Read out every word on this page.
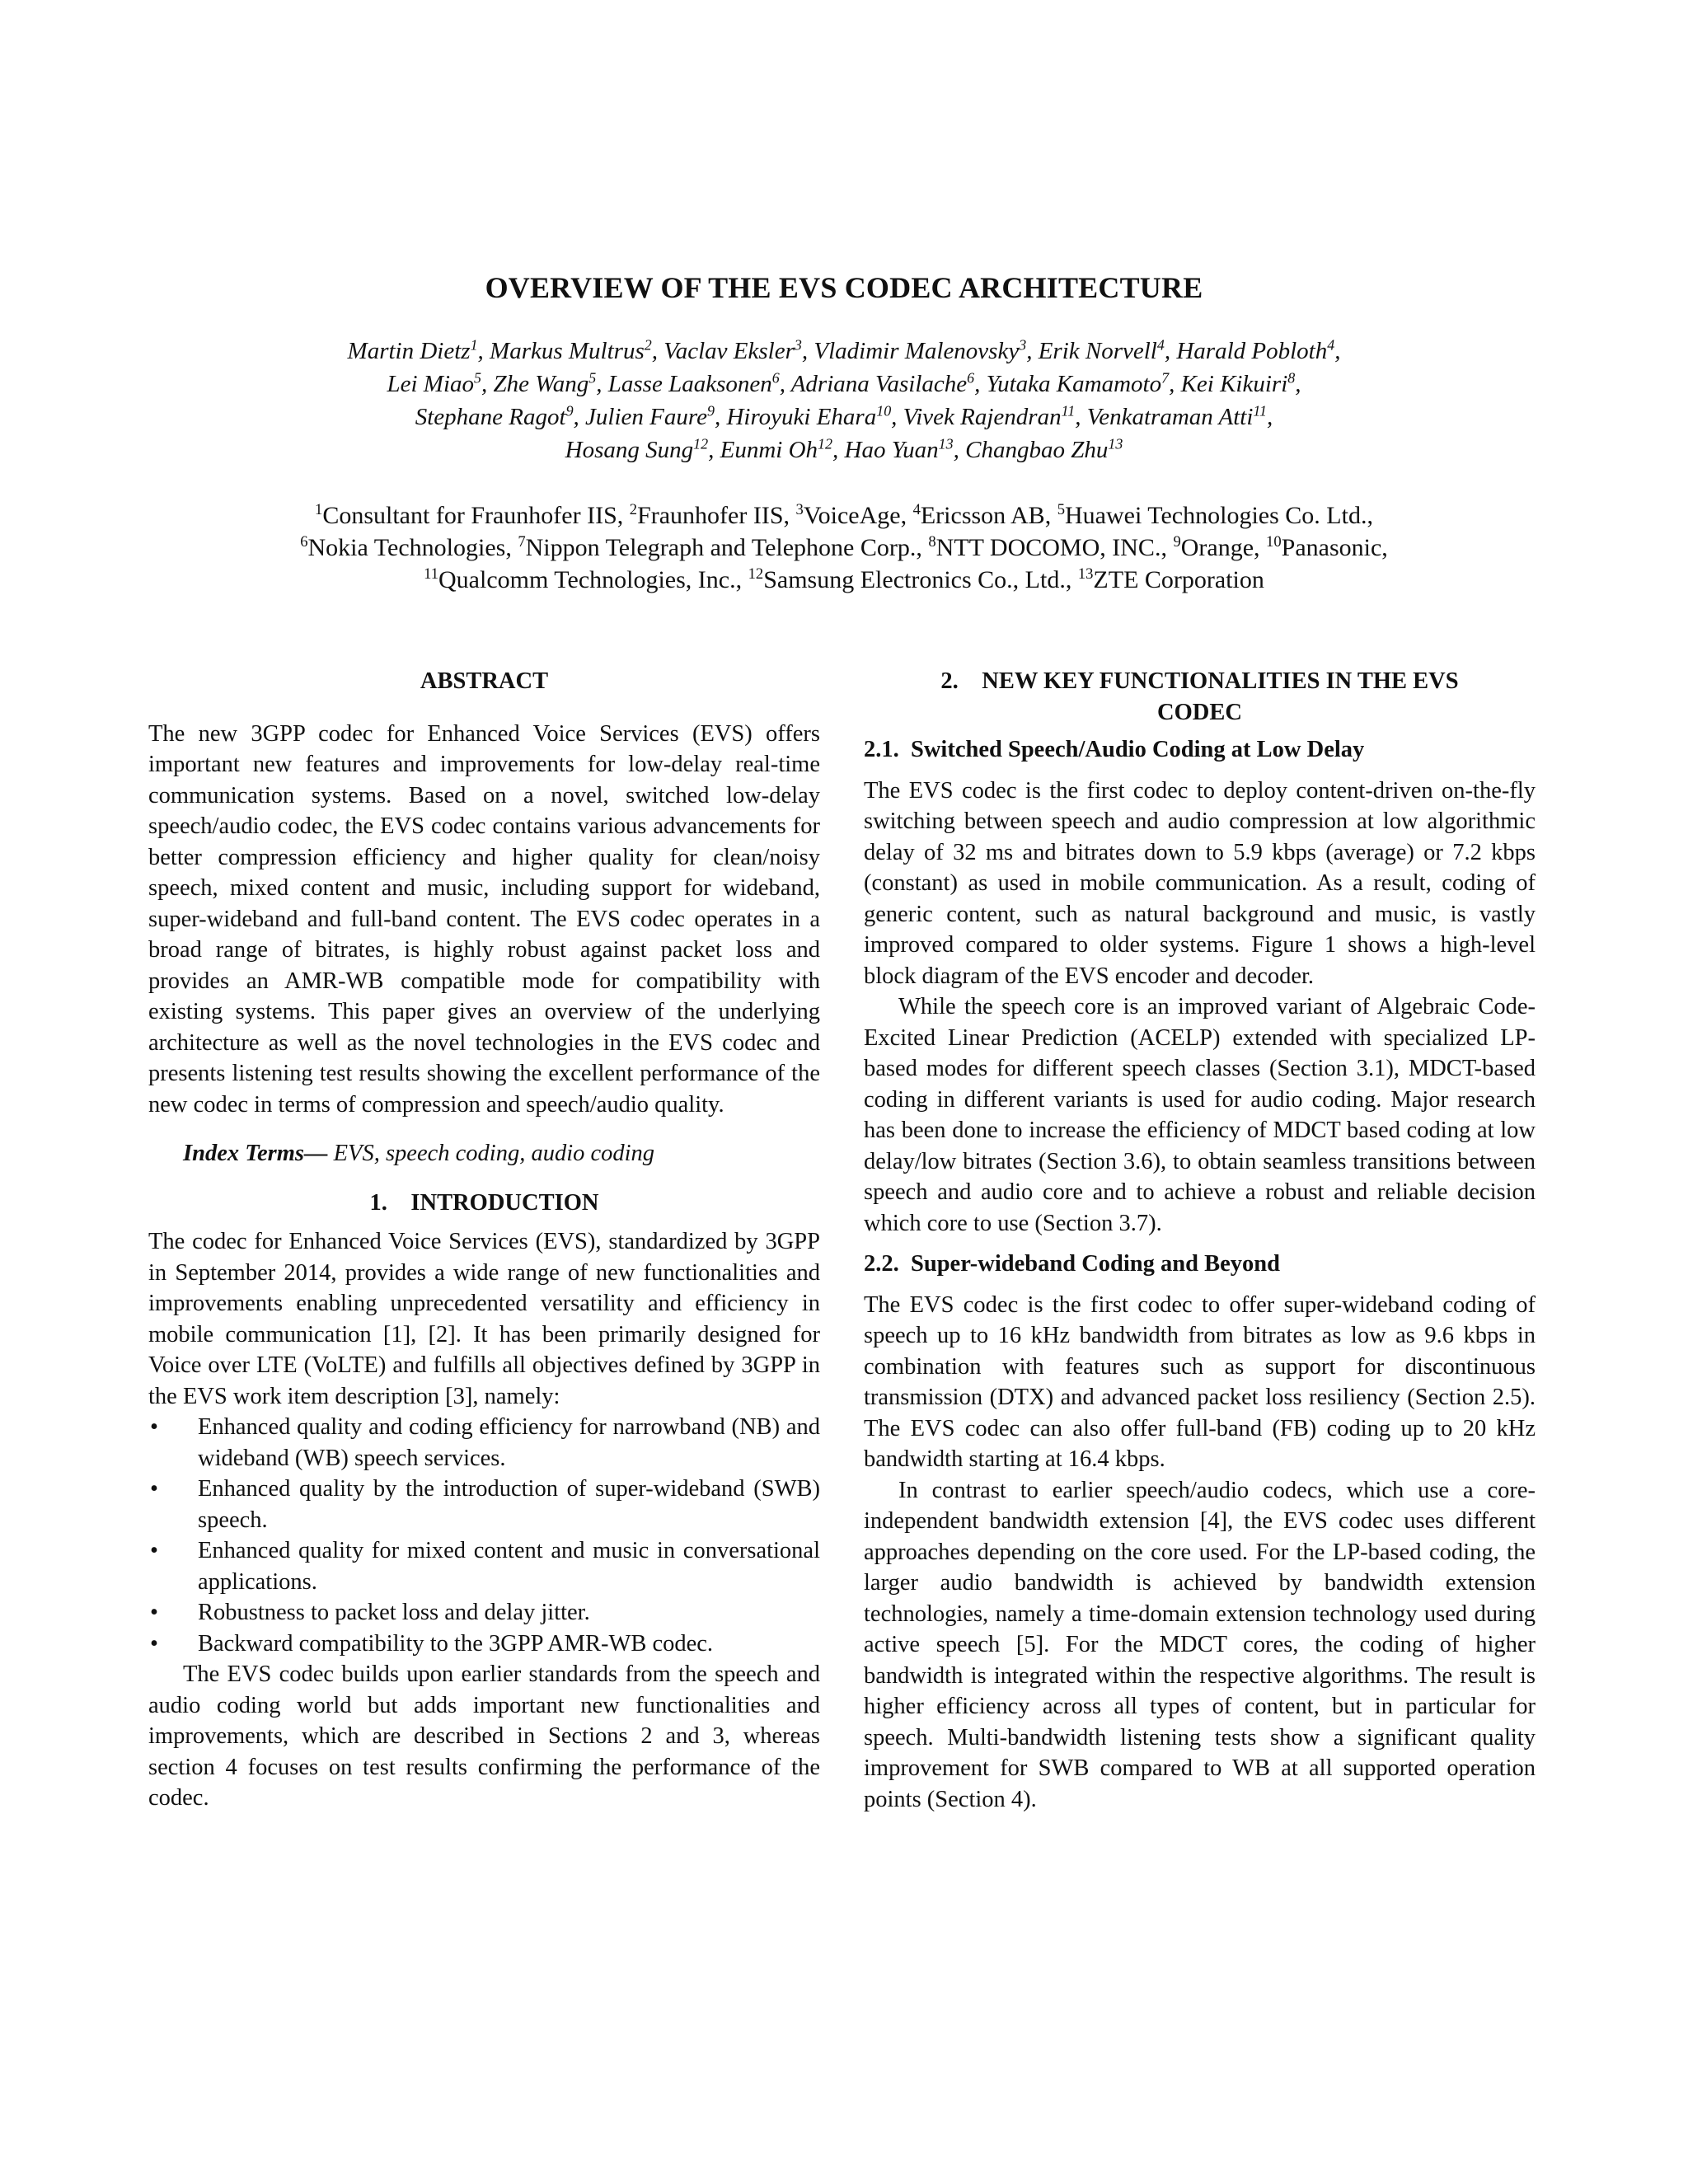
OVERVIEW OF THE EVS CODEC ARCHITECTURE
Martin Dietz$^1$, Markus Multrus$^2$, Vaclav Eksler$^3$, Vladimir Malenovsky$^3$, Erik Norvell$^4$, Harald Pobloth$^4$,
Lei Miao$^5$, Zhe Wang$^5$, Lasse Laaksonen$^6$, Adriana Vasilache$^6$, Yutaka Kamamoto$^7$, Kei Kikuiri$^8$,
Stephane Ragot$^9$, Julien Faure$^9$, Hiroyuki Ehara$^{10}$, Vivek Rajendran$^{11}$, Venkatraman Atti$^{11}$,
Hosang Sung$^{12}$, Eunmi Oh$^{12}$, Hao Yuan$^{13}$, Changbao Zhu$^{13}$
$^1$Consultant for Fraunhofer IIS, $^2$Fraunhofer IIS, $^3$VoiceAge, $^4$Ericsson AB, $^5$Huawei Technologies Co. Ltd.,
$^6$Nokia Technologies, $^7$Nippon Telegraph and Telephone Corp., $^8$NTT DOCOMO, INC., $^9$Orange, $^{10}$Panasonic,
$^{11}$Qualcomm Technologies, Inc., $^{12}$Samsung Electronics Co., Ltd., $^{13}$ZTE Corporation
ABSTRACT

The new 3GPP codec for Enhanced Voice Services (EVS) offers important new features and improvements for low-delay real-time communication systems. Based on a novel, switched low-delay speech/audio codec, the EVS codec contains various advancements for better compression efficiency and higher quality for clean/noisy speech, mixed content and music, including support for wideband, super-wideband and full-band content. The EVS codec operates in a broad range of bitrates, is highly robust against packet loss and provides an AMR-WB compatible mode for compatibility with existing systems. This paper gives an overview of the underlying architecture as well as the novel technologies in the EVS codec and presents listening test results showing the excellent performance of the new codec in terms of compression and speech/audio quality.

Index Terms— EVS, speech coding, audio coding

1.    INTRODUCTION

The codec for Enhanced Voice Services (EVS), standardized by 3GPP in September 2014, provides a wide range of new functionalities and improvements enabling unprecedented versatility and efficiency in mobile communication [1], [2]. It has been primarily designed for Voice over LTE (VoLTE) and fulfills all objectives defined by 3GPP in the EVS work item description [3], namely:

• Enhanced quality and coding efficiency for narrowband (NB) and wideband (WB) speech services.
• Enhanced quality by the introduction of super-wideband (SWB) speech.
• Enhanced quality for mixed content and music in conversational applications.
• Robustness to packet loss and delay jitter.
• Backward compatibility to the 3GPP AMR-WB codec.

The EVS codec builds upon earlier standards from the speech and audio coding world but adds important new functionalities and improvements, which are described in Sections 2 and 3, whereas section 4 focuses on test results confirming the performance of the codec.

2.    NEW KEY FUNCTIONALITIES IN THE EVS
CODEC
2.1.  Switched Speech/Audio Coding at Low Delay

The EVS codec is the first codec to deploy content-driven on-the-fly switching between speech and audio compression at low algorithmic delay of 32 ms and bitrates down to 5.9 kbps (average) or 7.2 kbps (constant) as used in mobile communication. As a result, coding of generic content, such as natural background and music, is vastly improved compared to older systems. Figure 1 shows a high-level block diagram of the EVS encoder and decoder.

While the speech core is an improved variant of Algebraic Code-Excited Linear Prediction (ACELP) extended with specialized LP-based modes for different speech classes (Section 3.1), MDCT-based coding in different variants is used for audio coding. Major research has been done to increase the efficiency of MDCT based coding at low delay/low bitrates (Section 3.6), to obtain seamless transitions between speech and audio core and to achieve a robust and reliable decision which core to use (Section 3.7).

2.2.  Super-wideband Coding and Beyond

The EVS codec is the first codec to offer super-wideband coding of speech up to 16 kHz bandwidth from bitrates as low as 9.6 kbps in combination with features such as support for discontinuous transmission (DTX) and advanced packet loss resiliency (Section 2.5). The EVS codec can also offer full-band (FB) coding up to 20 kHz bandwidth starting at 16.4 kbps.

In contrast to earlier speech/audio codecs, which use a core-independent bandwidth extension [4], the EVS codec uses different approaches depending on the core used. For the LP-based coding, the larger audio bandwidth is achieved by bandwidth extension technologies, namely a time-domain extension technology used during active speech [5]. For the MDCT cores, the coding of higher bandwidth is integrated within the respective algorithms. The result is higher efficiency across all types of content, but in particular for speech. Multi-bandwidth listening tests show a significant quality improvement for SWB compared to WB at all supported operation points (Section 4).
